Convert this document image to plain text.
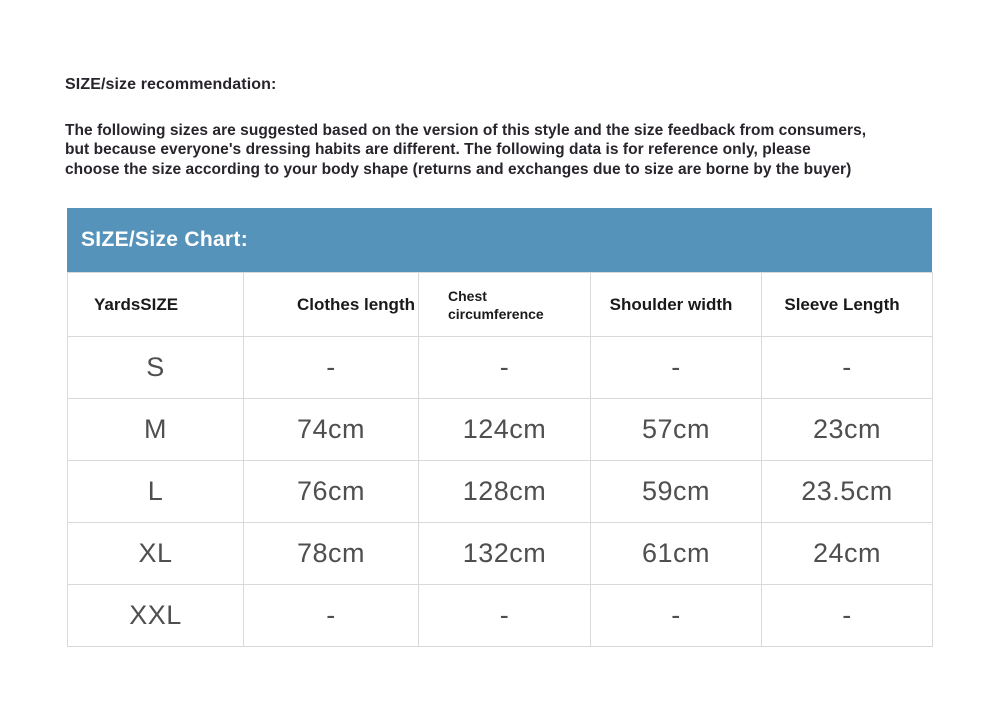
SIZE/size recommendation:
The following sizes are suggested based on the version of this style and the size feedback from consumers,
but because everyone's dressing habits are different. The following data is for reference only, please
choose the size according to your body shape (returns and exchanges due to size are borne by the buyer)
SIZE/Size Chart:
YardsSIZE	Clothes length	Chest circumference	Shoulder width	Sleeve Length
S	-	-	-	-
M	74cm	124cm	57cm	23cm
L	76cm	128cm	59cm	23.5cm
XL	78cm	132cm	61cm	24cm
XXL	-	-	-	-
